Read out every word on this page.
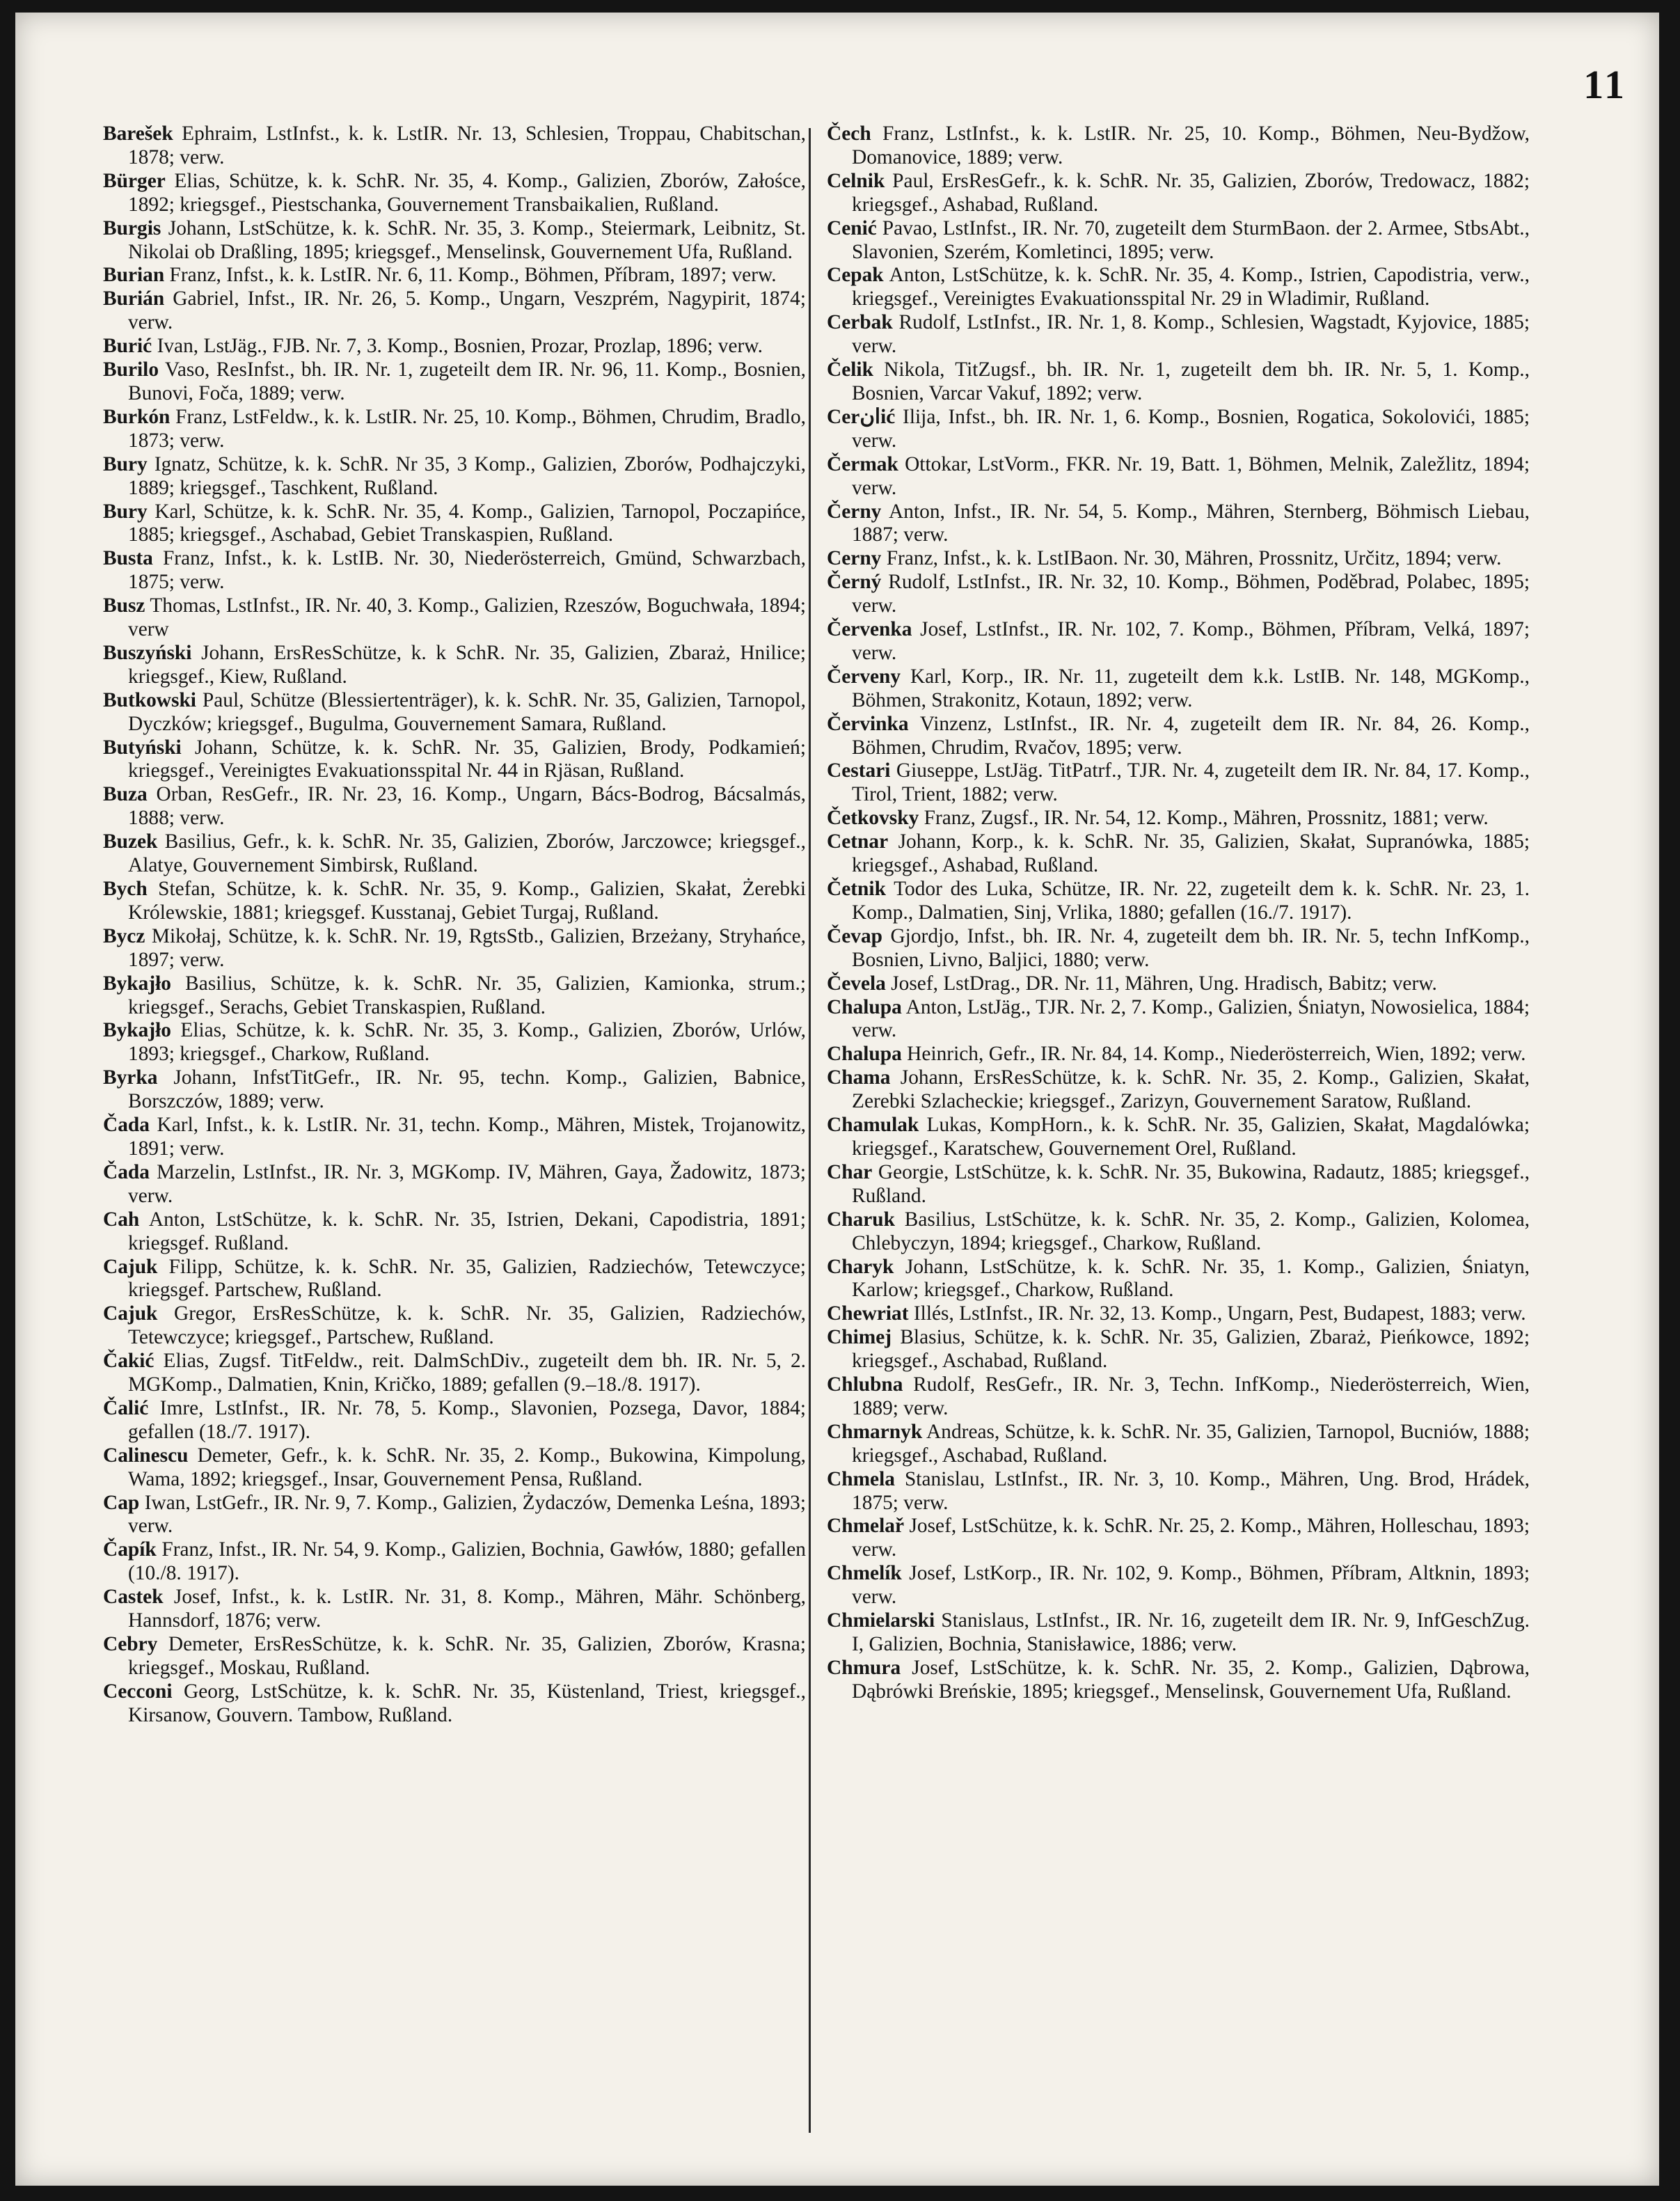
11

Barešek Ephraim, LstInfst., k. k. LstIR. Nr. 13, Schlesien, Troppau, Chabitschan, 1878; verw.

Bürger Elias, Schütze, k. k. SchR. Nr. 35, 4. Komp., Galizien, Zborów, Załośce, 1892; kriegsgef., Piestschanka, Gouvernement Transbaikalien, Rußland.

Burgis Johann, LstSchütze, k. k. SchR. Nr. 35, 3. Komp., Steiermark, Leibnitz, St. Nikolai ob Draßling, 1895; kriegsgef., Menselinsk, Gouvernement Ufa, Rußland.

Burian Franz, Infst., k. k. LstIR. Nr. 6, 11. Komp., Böhmen, Příbram, 1897; verw.

Burián Gabriel, Infst., IR. Nr. 26, 5. Komp., Ungarn, Veszprém, Nagypirit, 1874; verw.

Burić Ivan, LstJäg., FJB. Nr. 7, 3. Komp., Bosnien, Prozar, Prozlap, 1896; verw.

Burilo Vaso, ResInfst., bh. IR. Nr. 1, zugeteilt dem IR. Nr. 96, 11. Komp., Bosnien, Bunovi, Foča, 1889; verw.

Burkón Franz, LstFeldw., k. k. LstIR. Nr. 25, 10. Komp., Böhmen, Chrudim, Bradlo, 1873; verw.

Bury Ignatz, Schütze, k. k. SchR. Nr 35, 3 Komp., Galizien, Zborów, Podhajczyki, 1889; kriegsgef., Taschkent, Rußland.

Bury Karl, Schütze, k. k. SchR. Nr. 35, 4. Komp., Galizien, Tarnopol, Poczapińce, 1885; kriegsgef., Aschabad, Gebiet Transkaspien, Rußland.

Busta Franz, Infst., k. k. LstIB. Nr. 30, Niederösterreich, Gmünd, Schwarzbach, 1875; verw.

Busz Thomas, LstInfst., IR. Nr. 40, 3. Komp., Galizien, Rzeszów, Boguchwała, 1894; verw

Buszyński Johann, ErsResSchütze, k. k SchR. Nr. 35, Galizien, Zbaraż, Hnilice; kriegsgef., Kiew, Rußland.

Butkowski Paul, Schütze (Blessiertenträger), k. k. SchR. Nr. 35, Galizien, Tarnopol, Dyczków; kriegsgef., Bugulma, Gouvernement Samara, Rußland.

Butyński Johann, Schütze, k. k. SchR. Nr. 35, Galizien, Brody, Podkamień; kriegsgef., Vereinigtes Evakuationsspital Nr. 44 in Rjäsan, Rußland.

Buza Orban, ResGefr., IR. Nr. 23, 16. Komp., Ungarn, Bács-Bodrog, Bácsalmás, 1888; verw.

Buzek Basilius, Gefr., k. k. SchR. Nr. 35, Galizien, Zborów, Jarczowce; kriegsgef., Alatye, Gouvernement Simbirsk, Rußland.

Bych Stefan, Schütze, k. k. SchR. Nr. 35, 9. Komp., Galizien, Skałat, Żerebki Królewskie, 1881; kriegsgef. Kusstanaj, Gebiet Turgaj, Rußland.

Bycz Mikołaj, Schütze, k. k. SchR. Nr. 19, RgtsStb., Galizien, Brzeżany, Stryhańce, 1897; verw.

Bykajło Basilius, Schütze, k. k. SchR. Nr. 35, Galizien, Kamionka, strum.; kriegsgef., Serachs, Gebiet Transkaspien, Rußland.

Bykajło Elias, Schütze, k. k. SchR. Nr. 35, 3. Komp., Galizien, Zborów, Urlów, 1893; kriegsgef., Charkow, Rußland.

Byrka Johann, InfstTitGefr., IR. Nr. 95, techn. Komp., Galizien, Babnice, Borszczów, 1889; verw.

Čada Karl, Infst., k. k. LstIR. Nr. 31, techn. Komp., Mähren, Mistek, Trojanowitz, 1891; verw.

Čada Marzelin, LstInfst., IR. Nr. 3, MGKomp. IV, Mähren, Gaya, Žadowitz, 1873; verw.

Cah Anton, LstSchütze, k. k. SchR. Nr. 35, Istrien, Dekani, Capodistria, 1891; kriegsgef. Rußland.

Cajuk Filipp, Schütze, k. k. SchR. Nr. 35, Galizien, Radziechów, Tetewczyce; kriegsgef. Partschew, Rußland.

Cajuk Gregor, ErsResSchütze, k. k. SchR. Nr. 35, Galizien, Radziechów, Tetewczyce; kriegsgef., Partschew, Rußland.

Čakić Elias, Zugsf. TitFeldw., reit. DalmSchDiv., zugeteilt dem bh. IR. Nr. 5, 2. MGKomp., Dalmatien, Knin, Kričko, 1889; gefallen (9.–18./8. 1917).

Čalić Imre, LstInfst., IR. Nr. 78, 5. Komp., Slavonien, Pozsega, Davor, 1884; gefallen (18./7. 1917).

Calinescu Demeter, Gefr., k. k. SchR. Nr. 35, 2. Komp., Bukowina, Kimpolung, Wama, 1892; kriegsgef., Insar, Gouvernement Pensa, Rußland.

Cap Iwan, LstGefr., IR. Nr. 9, 7. Komp., Galizien, Żydaczów, Demenka Leśna, 1893; verw.

Čapík Franz, Infst., IR. Nr. 54, 9. Komp., Galizien, Bochnia, Gawłów, 1880; gefallen (10./8. 1917).

Castek Josef, Infst., k. k. LstIR. Nr. 31, 8. Komp., Mähren, Mähr. Schönberg, Hannsdorf, 1876; verw.

Cebry Demeter, ErsResSchütze, k. k. SchR. Nr. 35, Galizien, Zborów, Krasna; kriegsgef., Moskau, Rußland.

Cecconi Georg, LstSchütze, k. k. SchR. Nr. 35, Küstenland, Triest, kriegsgef., Kirsanow, Gouvern. Tambow, Rußland.

Čech Franz, LstInfst., k. k. LstIR. Nr. 25, 10. Komp., Böhmen, Neu-Bydžow, Domanovice, 1889; verw.

Celnik Paul, ErsResGefr., k. k. SchR. Nr. 35, Galizien, Zborów, Tredowacz, 1882; kriegsgef., Ashabad, Rußland.

Cenić Pavao, LstInfst., IR. Nr. 70, zugeteilt dem SturmBaon. der 2. Armee, StbsAbt., Slavonien, Szerém, Komletinci, 1895; verw.

Cepak Anton, LstSchütze, k. k. SchR. Nr. 35, 4. Komp., Istrien, Capodistria, verw., kriegsgef., Vereinigtes Evakuationsspital Nr. 29 in Wladimir, Rußland.

Cerbak Rudolf, LstInfst., IR. Nr. 1, 8. Komp., Schlesien, Wagstadt, Kyjovice, 1885; verw.

Čelik Nikola, TitZugsf., bh. IR. Nr. 1, zugeteilt dem bh. IR. Nr. 5, 1. Komp., Bosnien, Varcar Vakuf, 1892; verw.

Cerانić Ilija, Infst., bh. IR. Nr. 1, 6. Komp., Bosnien, Rogatica, Sokolovići, 1885; verw.

Čermak Ottokar, LstVorm., FKR. Nr. 19, Batt. 1, Böhmen, Melnik, Zaležlitz, 1894; verw.

Černy Anton, Infst., IR. Nr. 54, 5. Komp., Mähren, Sternberg, Böhmisch Liebau, 1887; verw.

Cerny Franz, Infst., k. k. LstIBaon. Nr. 30, Mähren, Prossnitz, Určitz, 1894; verw.

Černý Rudolf, LstInfst., IR. Nr. 32, 10. Komp., Böhmen, Poděbrad, Polabec, 1895; verw.

Červenka Josef, LstInfst., IR. Nr. 102, 7. Komp., Böhmen, Příbram, Velká, 1897; verw.

Červeny Karl, Korp., IR. Nr. 11, zugeteilt dem k.k. LstIB. Nr. 148, MGKomp., Böhmen, Strakonitz, Kotaun, 1892; verw.

Červinka Vinzenz, LstInfst., IR. Nr. 4, zugeteilt dem IR. Nr. 84, 26. Komp., Böhmen, Chrudim, Rvačov, 1895; verw.

Cestari Giuseppe, LstJäg. TitPatrf., TJR. Nr. 4, zugeteilt dem IR. Nr. 84, 17. Komp., Tirol, Trient, 1882; verw.

Četkovsky Franz, Zugsf., IR. Nr. 54, 12. Komp., Mähren, Prossnitz, 1881; verw.

Cetnar Johann, Korp., k. k. SchR. Nr. 35, Galizien, Skałat, Supranówka, 1885; kriegsgef., Ashabad, Rußland.

Četnik Todor des Luka, Schütze, IR. Nr. 22, zugeteilt dem k. k. SchR. Nr. 23, 1. Komp., Dalmatien, Sinj, Vrlika, 1880; gefallen (16./7. 1917).

Čevap Gjordjo, Infst., bh. IR. Nr. 4, zugeteilt dem bh. IR. Nr. 5, techn InfKomp., Bosnien, Livno, Baljici, 1880; verw.

Čevela Josef, LstDrag., DR. Nr. 11, Mähren, Ung. Hradisch, Babitz; verw.

Chalupa Anton, LstJäg., TJR. Nr. 2, 7. Komp., Galizien, Śniatyn, Nowosielica, 1884; verw.

Chalupa Heinrich, Gefr., IR. Nr. 84, 14. Komp., Niederösterreich, Wien, 1892; verw.

Chama Johann, ErsResSchütze, k. k. SchR. Nr. 35, 2. Komp., Galizien, Skałat, Zerebki Szlacheckie; kriegsgef., Zarizyn, Gouvernement Saratow, Rußland.

Chamulak Lukas, KompHorn., k. k. SchR. Nr. 35, Galizien, Skałat, Magdalówka; kriegsgef., Karatschew, Gouvernement Orel, Rußland.

Char Georgie, LstSchütze, k. k. SchR. Nr. 35, Bukowina, Radautz, 1885; kriegsgef., Rußland.

Charuk Basilius, LstSchütze, k. k. SchR. Nr. 35, 2. Komp., Galizien, Kolomea, Chlebyczyn, 1894; kriegsgef., Charkow, Rußland.

Charyk Johann, LstSchütze, k. k. SchR. Nr. 35, 1. Komp., Galizien, Śniatyn, Karlow; kriegsgef., Charkow, Rußland.

Chewriat Illés, LstInfst., IR. Nr. 32, 13. Komp., Ungarn, Pest, Budapest, 1883; verw.

Chimej Blasius, Schütze, k. k. SchR. Nr. 35, Galizien, Zbaraż, Pieńkowce, 1892; kriegsgef., Aschabad, Rußland.

Chlubna Rudolf, ResGefr., IR. Nr. 3, Techn. InfKomp., Niederösterreich, Wien, 1889; verw.

Chmarnyk Andreas, Schütze, k. k. SchR. Nr. 35, Galizien, Tarnopol, Bucniów, 1888; kriegsgef., Aschabad, Rußland.

Chmela Stanislau, LstInfst., IR. Nr. 3, 10. Komp., Mähren, Ung. Brod, Hrádek, 1875; verw.

Chmelař Josef, LstSchütze, k. k. SchR. Nr. 25, 2. Komp., Mähren, Holleschau, 1893; verw.

Chmelík Josef, LstKorp., IR. Nr. 102, 9. Komp., Böhmen, Příbram, Altknin, 1893; verw.

Chmielarski Stanislaus, LstInfst., IR. Nr. 16, zugeteilt dem IR. Nr. 9, InfGeschZug. I, Galizien, Bochnia, Stanisławice, 1886; verw.

Chmura Josef, LstSchütze, k. k. SchR. Nr. 35, 2. Komp., Galizien, Dąbrowa, Dąbrówki Breńskie, 1895; kriegsgef., Menselinsk, Gouvernement Ufa, Rußland.
